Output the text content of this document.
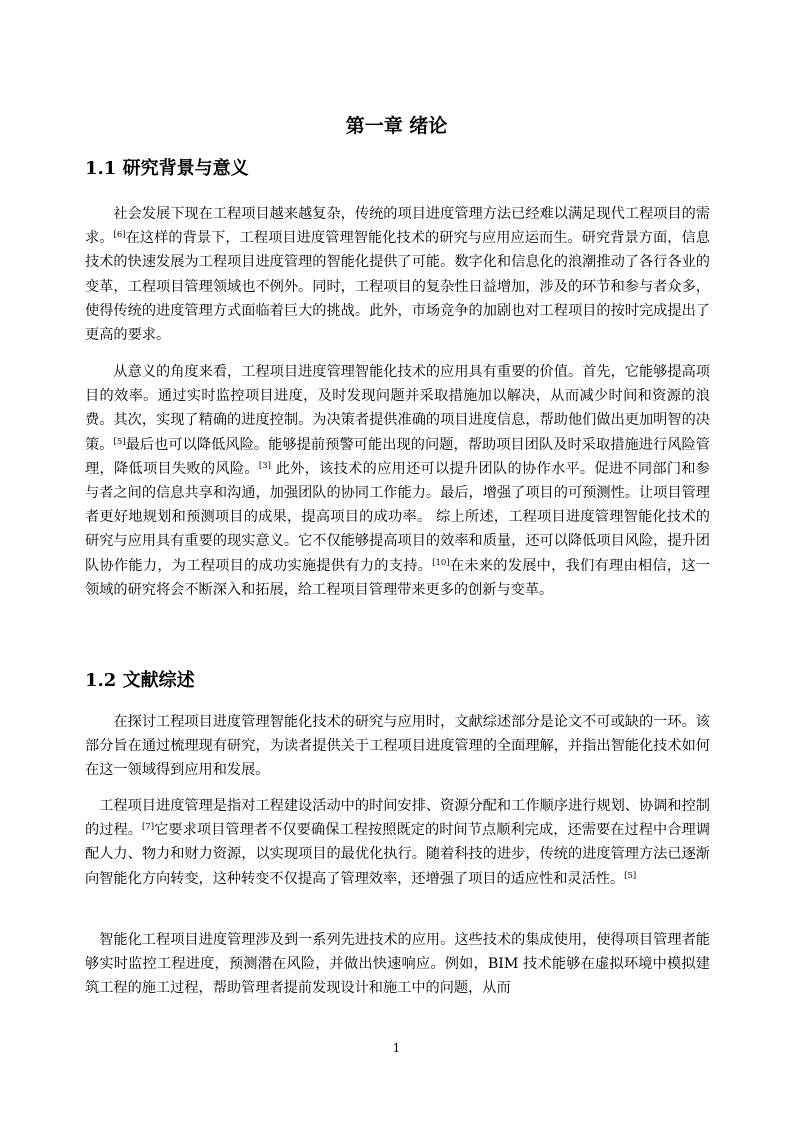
第一章 绪论
1.1 研究背景与意义

社会发展下现在工程项目越来越复杂，传统的项目进度管理方法已经难以满足现代工程项目的需求。[6]在这样的背景下，工程项目进度管理智能化技术的研究与应用应运而生。研究背景方面，信息技术的快速发展为工程项目进度管理的智能化提供了可能。数字化和信息化的浪潮推动了各行各业的变革，工程项目管理领域也不例外。同时，工程项目的复杂性日益增加，涉及的环节和参与者众多，使得传统的进度管理方式面临着巨大的挑战。此外，市场竞争的加剧也对工程项目的按时完成提出了更高的要求。

从意义的角度来看，工程项目进度管理智能化技术的应用具有重要的价值。首先，它能够提高项目的效率。通过实时监控项目进度，及时发现问题并采取措施加以解决，从而减少时间和资源的浪费。其次，实现了精确的进度控制。为决策者提供准确的项目进度信息，帮助他们做出更加明智的决策。[5]最后也可以降低风险。能够提前预警可能出现的问题，帮助项目团队及时采取措施进行风险管理，降低项目失败的风险。[3] 此外，该技术的应用还可以提升团队的协作水平。促进不同部门和参与者之间的信息共享和沟通，加强团队的协同工作能力。最后，增强了项目的可预测性。让项目管理者更好地规划和预测项目的成果，提高项目的成功率。 综上所述，工程项目进度管理智能化技术的研究与应用具有重要的现实意义。它不仅能够提高项目的效率和质量，还可以降低项目风险，提升团队协作能力，为工程项目的成功实施提供有力的支持。[10]在未来的发展中，我们有理由相信，这一领域的研究将会不断深入和拓展，给工程项目管理带来更多的创新与变革。

1.2 文献综述

在探讨工程项目进度管理智能化技术的研究与应用时，文献综述部分是论文不可或缺的一环。该部分旨在通过梳理现有研究，为读者提供关于工程项目进度管理的全面理解，并指出智能化技术如何在这一领域得到应用和发展。

工程项目进度管理是指对工程建设活动中的时间安排、资源分配和工作顺序进行规划、协调和控制的过程。[7]它要求项目管理者不仅要确保工程按照既定的时间节点顺利完成，还需要在过程中合理调配人力、物力和财力资源，以实现项目的最优化执行。随着科技的进步，传统的进度管理方法已逐渐向智能化方向转变，这种转变不仅提高了管理效率，还增强了项目的适应性和灵活性。[5]

智能化工程项目进度管理涉及到一系列先进技术的应用。这些技术的集成使用，使得项目管理者能够实时监控工程进度，预测潜在风险，并做出快速响应。例如，BIM 技术能够在虚拟环境中模拟建筑工程的施工过程，帮助管理者提前发现设计和施工中的问题，从而

1
